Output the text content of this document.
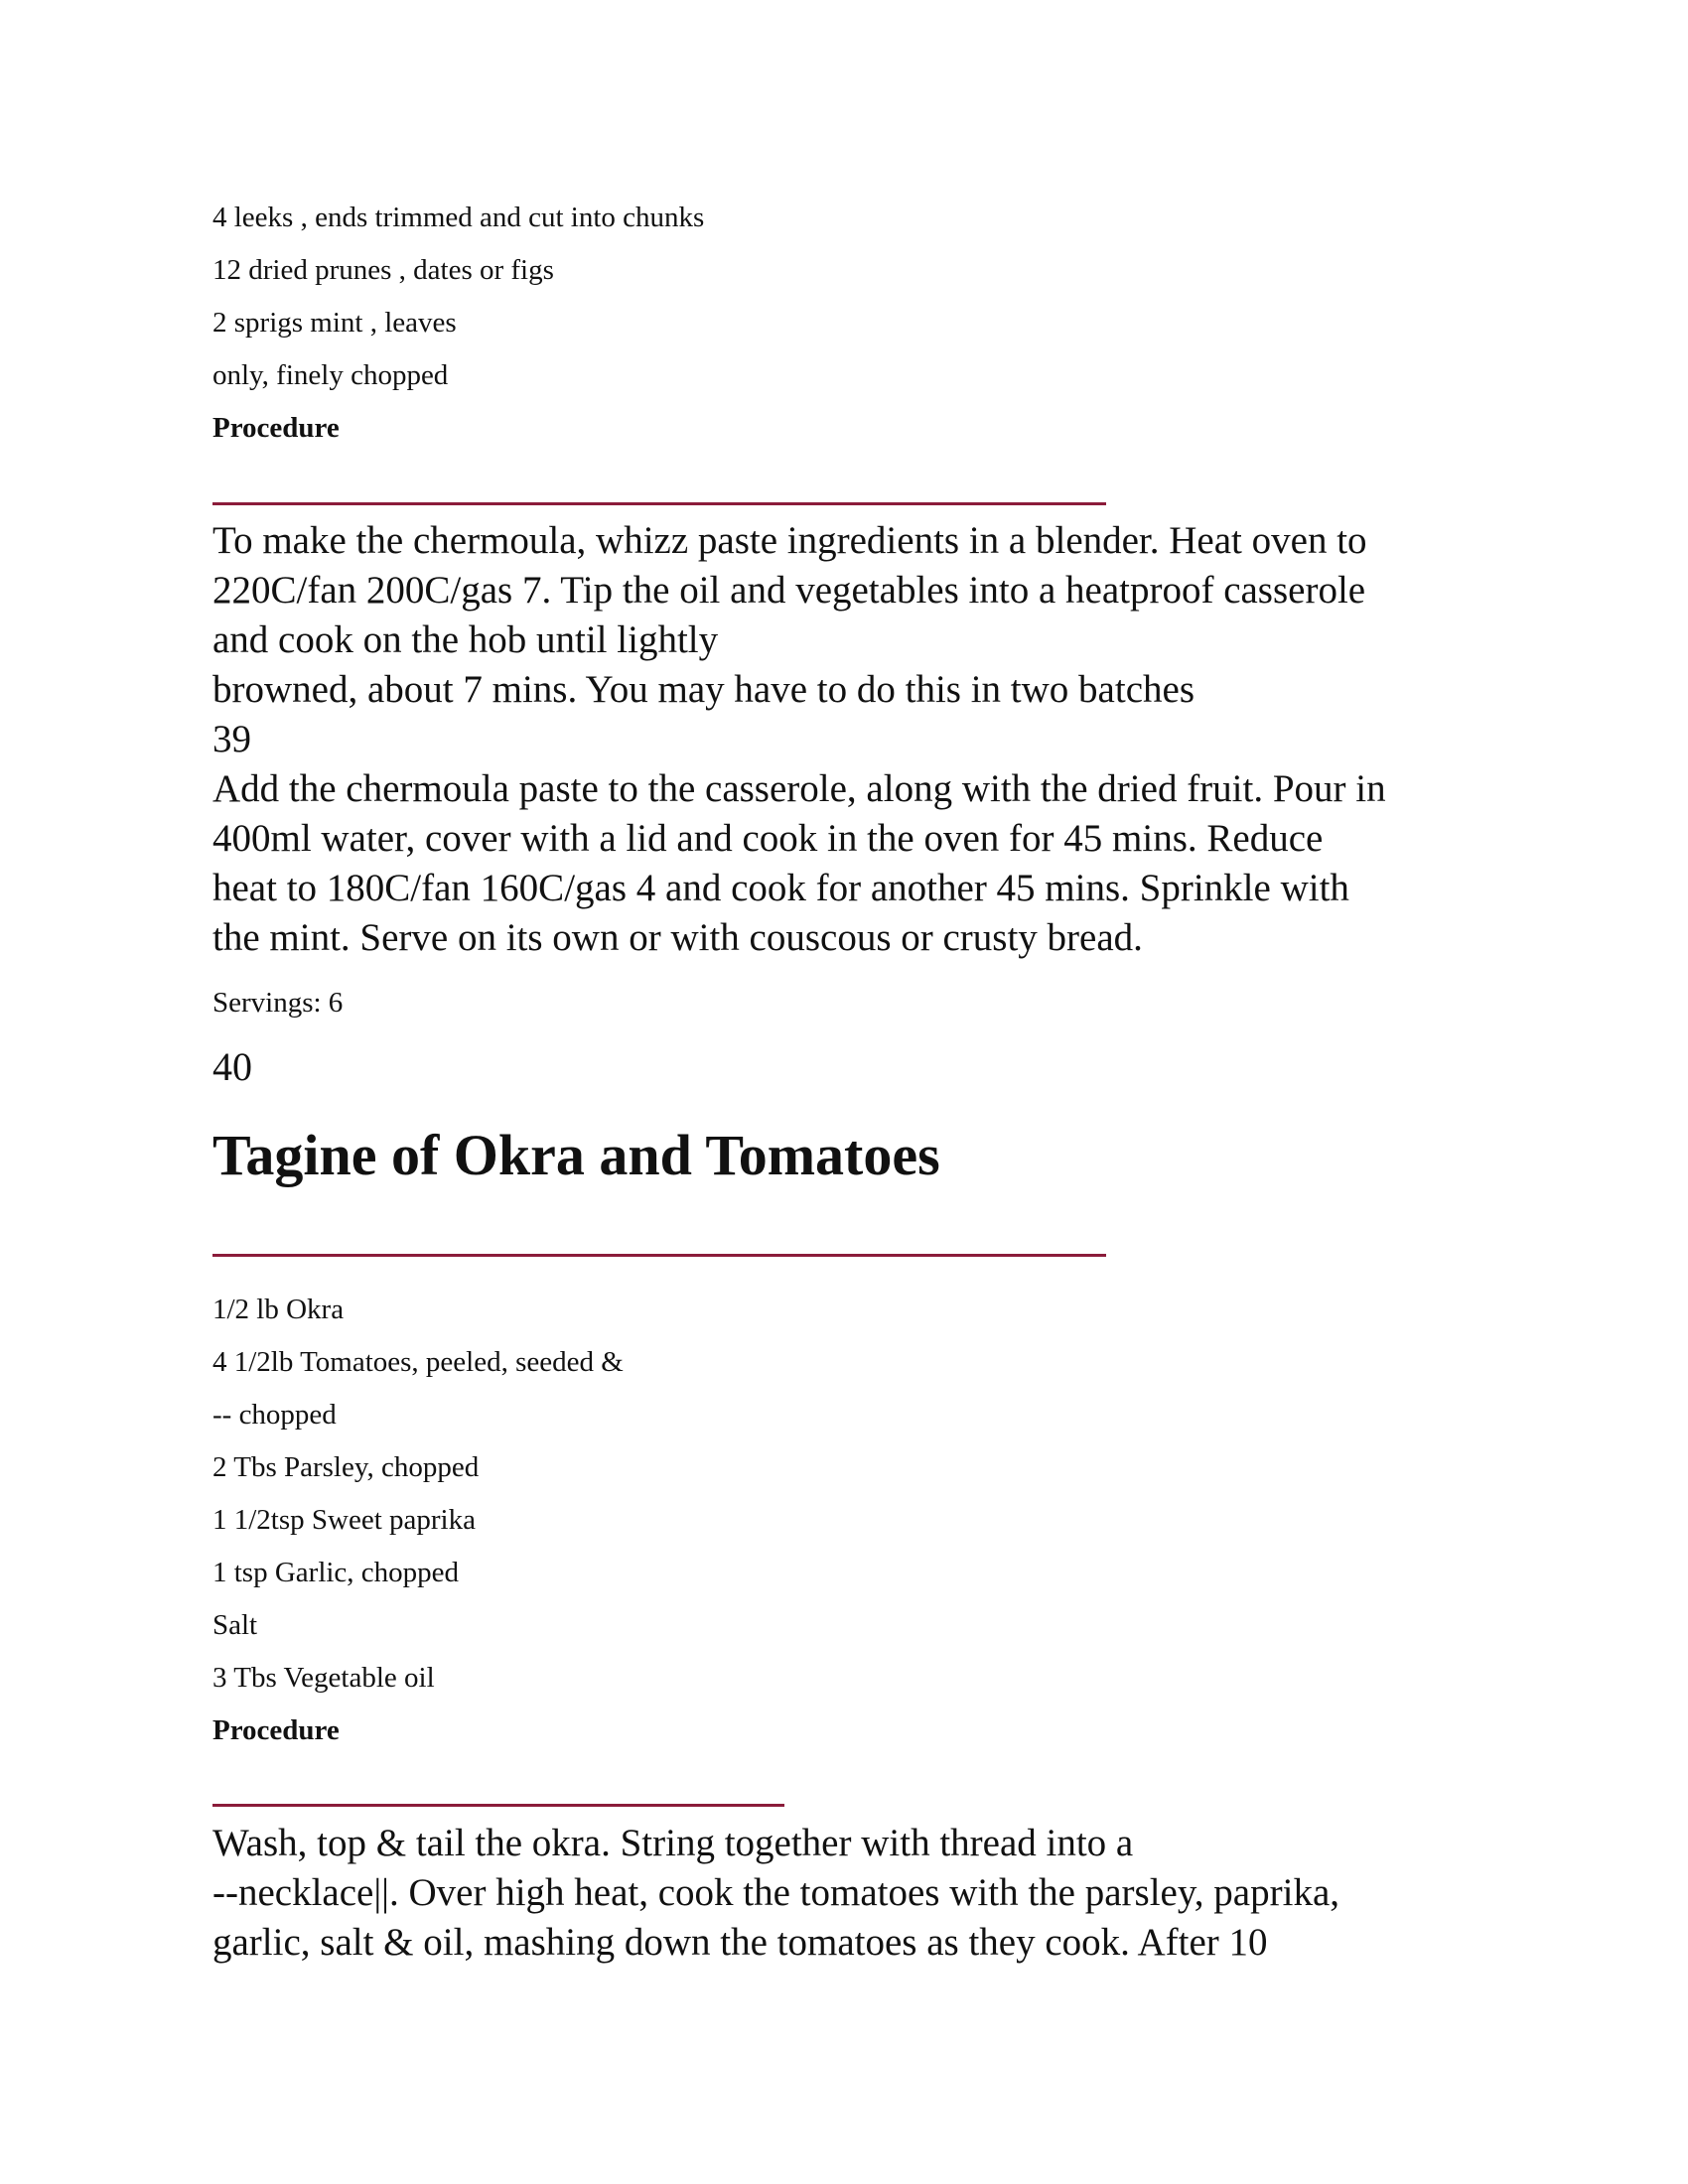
4 leeks , ends trimmed and cut into chunks
12 dried prunes , dates or figs
2 sprigs mint , leaves
only, finely chopped
Procedure

To make the chermoula, whizz paste ingredients in a blender. Heat oven to

220C/fan 200C/gas 7. Tip the oil and vegetables into a heatproof casserole

and cook on the hob until lightly

browned, about 7 mins. You may have to do this in two batches

39

Add the chermoula paste to the casserole, along with the dried fruit. Pour in

400ml water, cover with a lid and cook in the oven for 45 mins. Reduce

heat to 180C/fan 160C/gas 4 and cook for another 45 mins. Sprinkle with

the mint. Serve on its own or with couscous or crusty bread.

Servings: 6
40
Tagine of Okra and Tomatoes
1/2 lb Okra
4 1/2lb Tomatoes, peeled, seeded &
-- chopped
2 Tbs Parsley, chopped
1 1/2tsp Sweet paprika
1 tsp Garlic, chopped
Salt
3 Tbs Vegetable oil
Procedure

Wash, top & tail the okra. String together with thread into a

--necklace||. Over high heat, cook the tomatoes with the parsley, paprika,

garlic, salt & oil, mashing down the tomatoes as they cook. After 10
